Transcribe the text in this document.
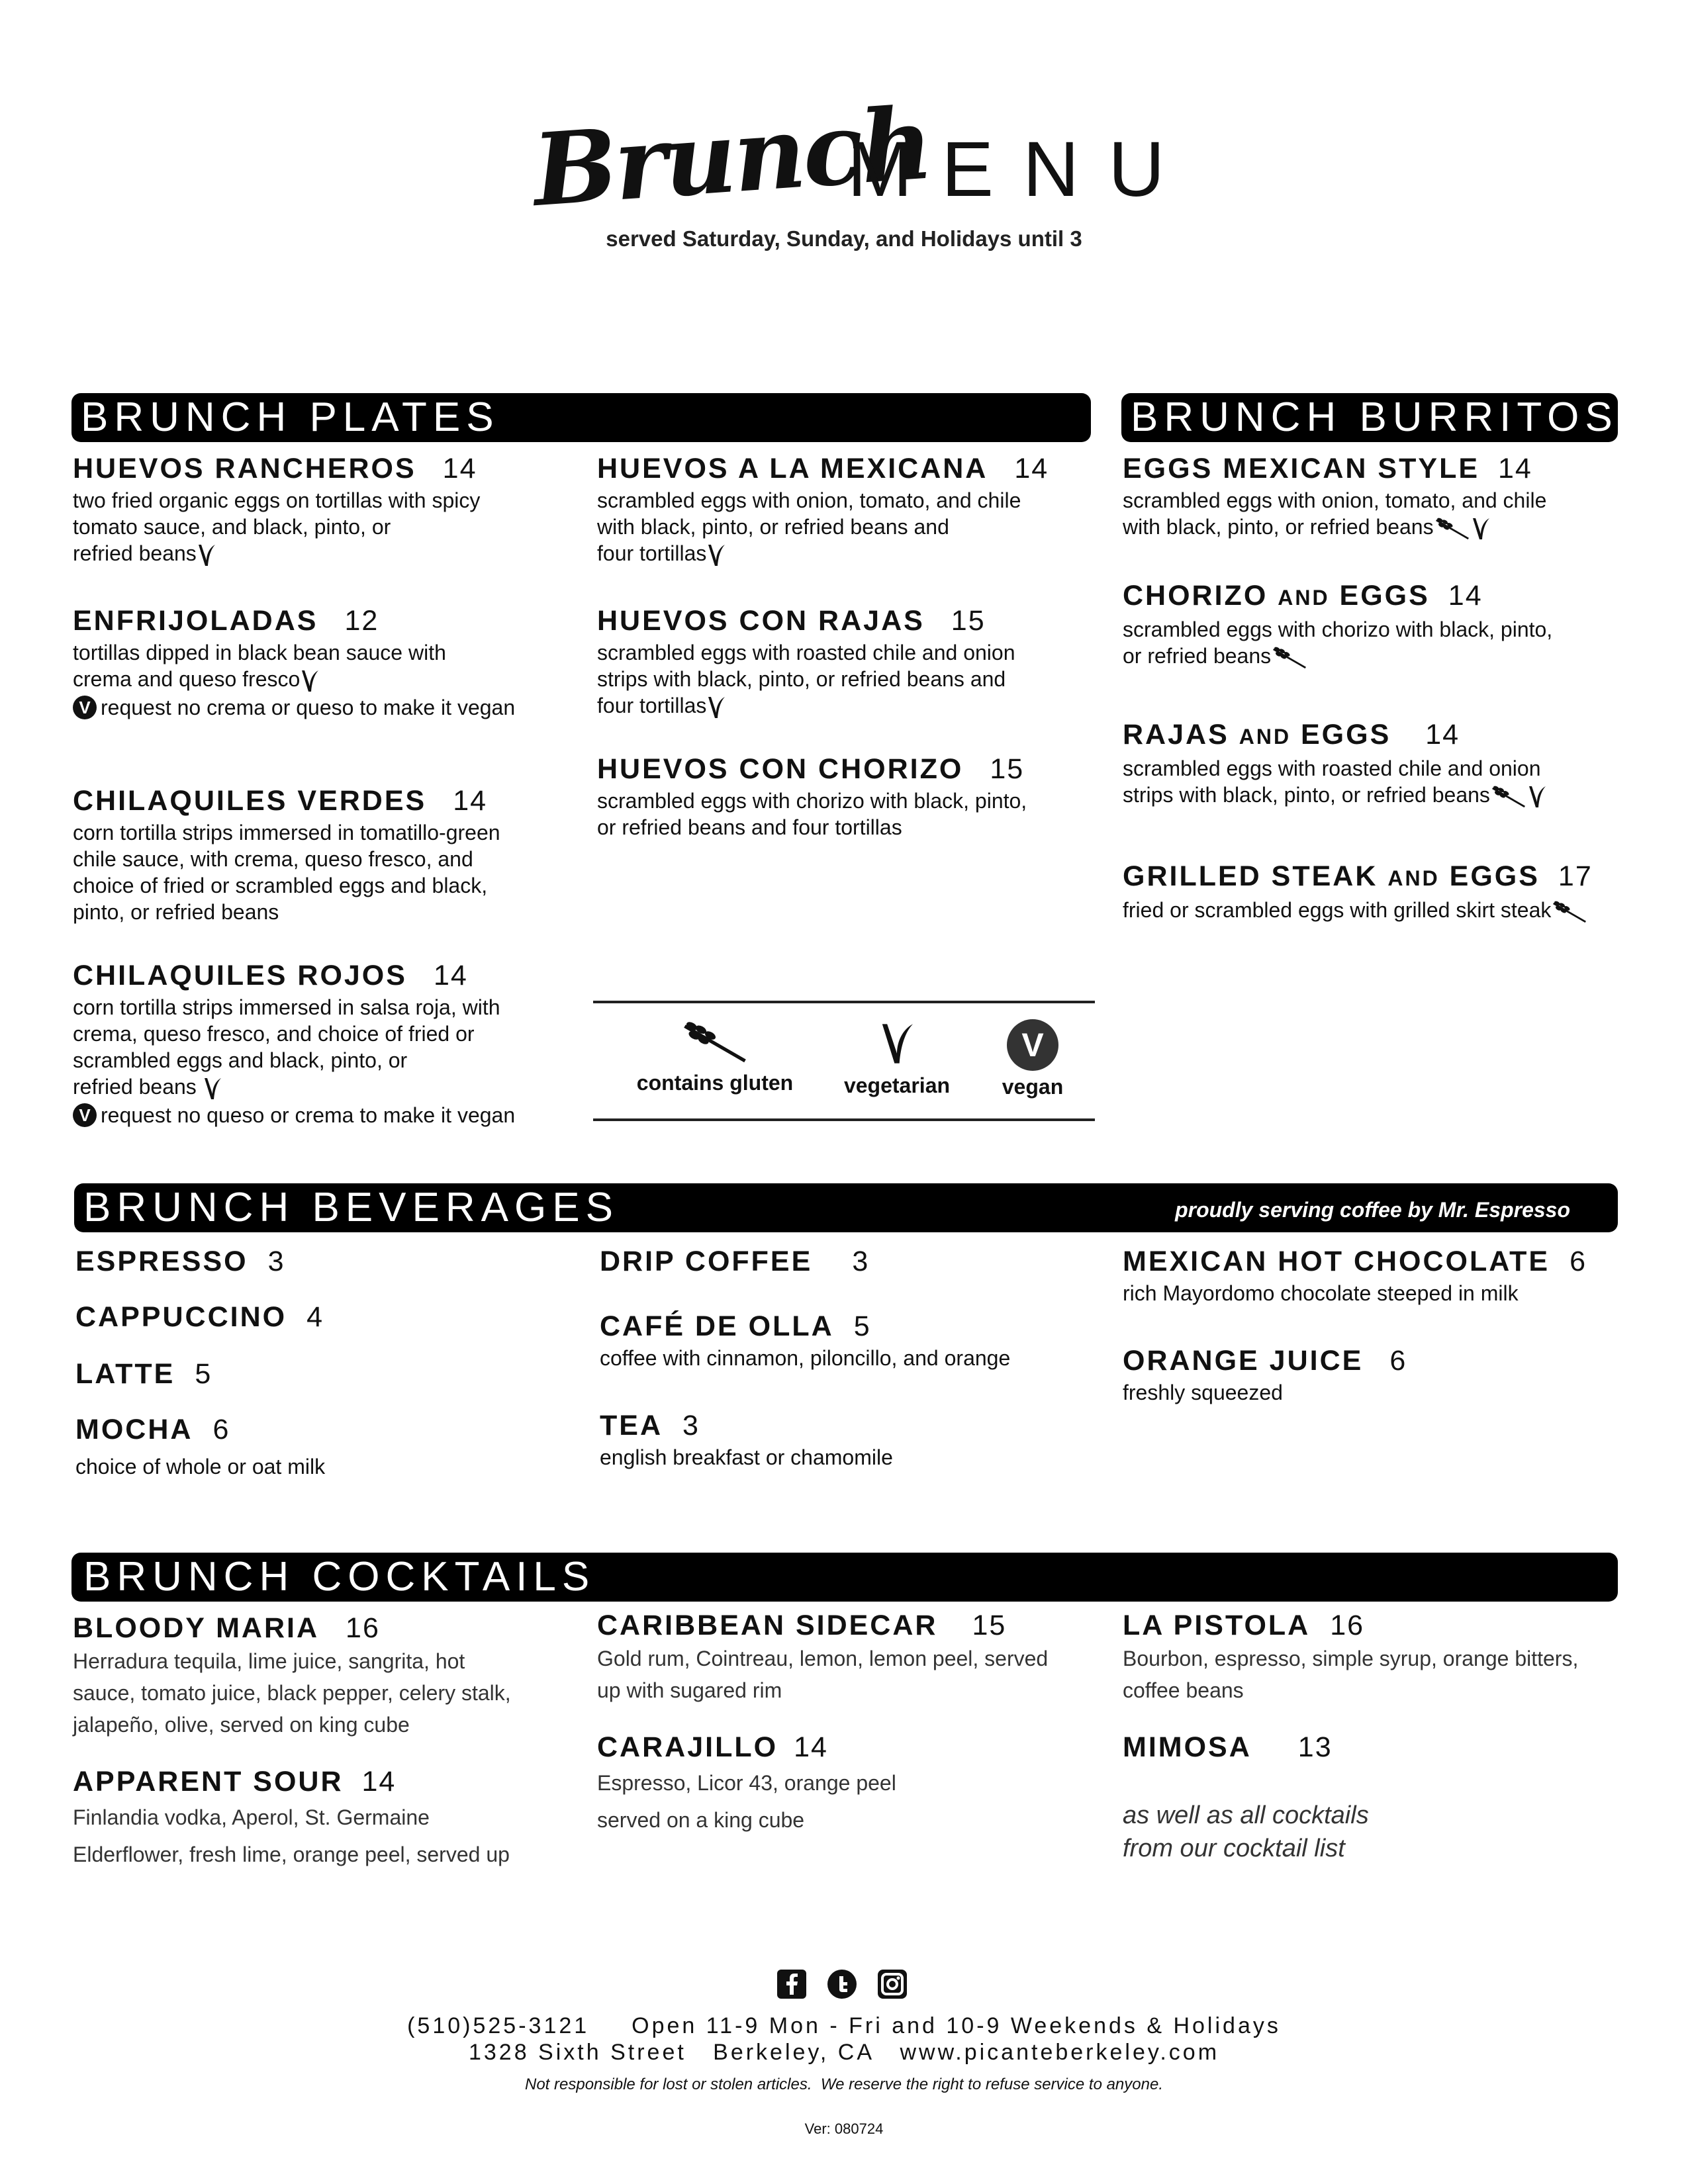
Brunch
MENU
served Saturday, Sunday, and Holidays until 3
BRUNCH PLATES	BRUNCH BURRITOS
HUEVOS RANCHEROS 14
two fried organic eggs on tortillas with spicy
tomato sauce, and black, pinto, or
refried beans
ENFRIJOLADAS 12
tortillas dipped in black bean sauce with
crema and queso fresco
V request no crema or queso to make it vegan
CHILAQUILES VERDES 14
corn tortilla strips immersed in tomatillo-green
chile sauce, with crema, queso fresco, and
choice of fried or scrambled eggs and black,
pinto, or refried beans
CHILAQUILES ROJOS 14
corn tortilla strips immersed in salsa roja, with
crema, queso fresco, and choice of fried or
scrambled eggs and black, pinto, or
refried beans
V request no queso or crema to make it vegan
HUEVOS A LA MEXICANA 14
scrambled eggs with onion, tomato, and chile
with black, pinto, or refried beans and
four tortillas
HUEVOS CON RAJAS 15
scrambled eggs with roasted chile and onion
strips with black, pinto, or refried beans and
four tortillas
HUEVOS CON CHORIZO 15
scrambled eggs with chorizo with black, pinto,
or refried beans and four tortillas
contains gluten	vegetarian
V
vegan
EGGS MEXICAN STYLE 14
scrambled eggs with onion, tomato, and chile
with black, pinto, or refried beans
CHORIZO AND EGGS 14
scrambled eggs with chorizo with black, pinto,
or refried beans
RAJAS AND EGGS 14
scrambled eggs with roasted chile and onion
strips with black, pinto, or refried beans
GRILLED STEAK AND EGGS 17
fried or scrambled eggs with grilled skirt steak
BRUNCH BEVERAGES	proudly serving coffee by Mr. Espresso
ESPRESSO 3
CAPPUCCINO 4
LATTE 5
MOCHA 6
choice of whole or oat milk
DRIP COFFEE 3
CAFÉ DE OLLA 5
coffee with cinnamon, piloncillo, and orange
TEA 3
english breakfast or chamomile
MEXICAN HOT CHOCOLATE 6
rich Mayordomo chocolate steeped in milk
ORANGE JUICE 6
freshly squeezed
BRUNCH COCKTAILS
BLOODY MARIA 16
Herradura tequila, lime juice, sangrita, hot
sauce, tomato juice, black pepper, celery stalk,
jalapeño, olive, served on king cube
APPARENT SOUR 14
Finlandia vodka, Aperol, St. Germaine
Elderflower, fresh lime, orange peel, served up
CARIBBEAN SIDECAR 15
Gold rum, Cointreau, lemon, lemon peel, served
up with sugared rim
CARAJILLO 14
Espresso, Licor 43, orange peel
served on a king cube
LA PISTOLA 16
Bourbon, espresso, simple syrup, orange bitters,
coffee beans
MIMOSA 13
as well as all cocktails
from our cocktail list
(510)525-3121 Open 11-9 Mon - Fri and 10-9 Weekends & Holidays
1328 Sixth Street   Berkeley, CA   www.picanteberkeley.com
Not responsible for lost or stolen articles.  We reserve the right to refuse service to anyone.
Ver: 080724
